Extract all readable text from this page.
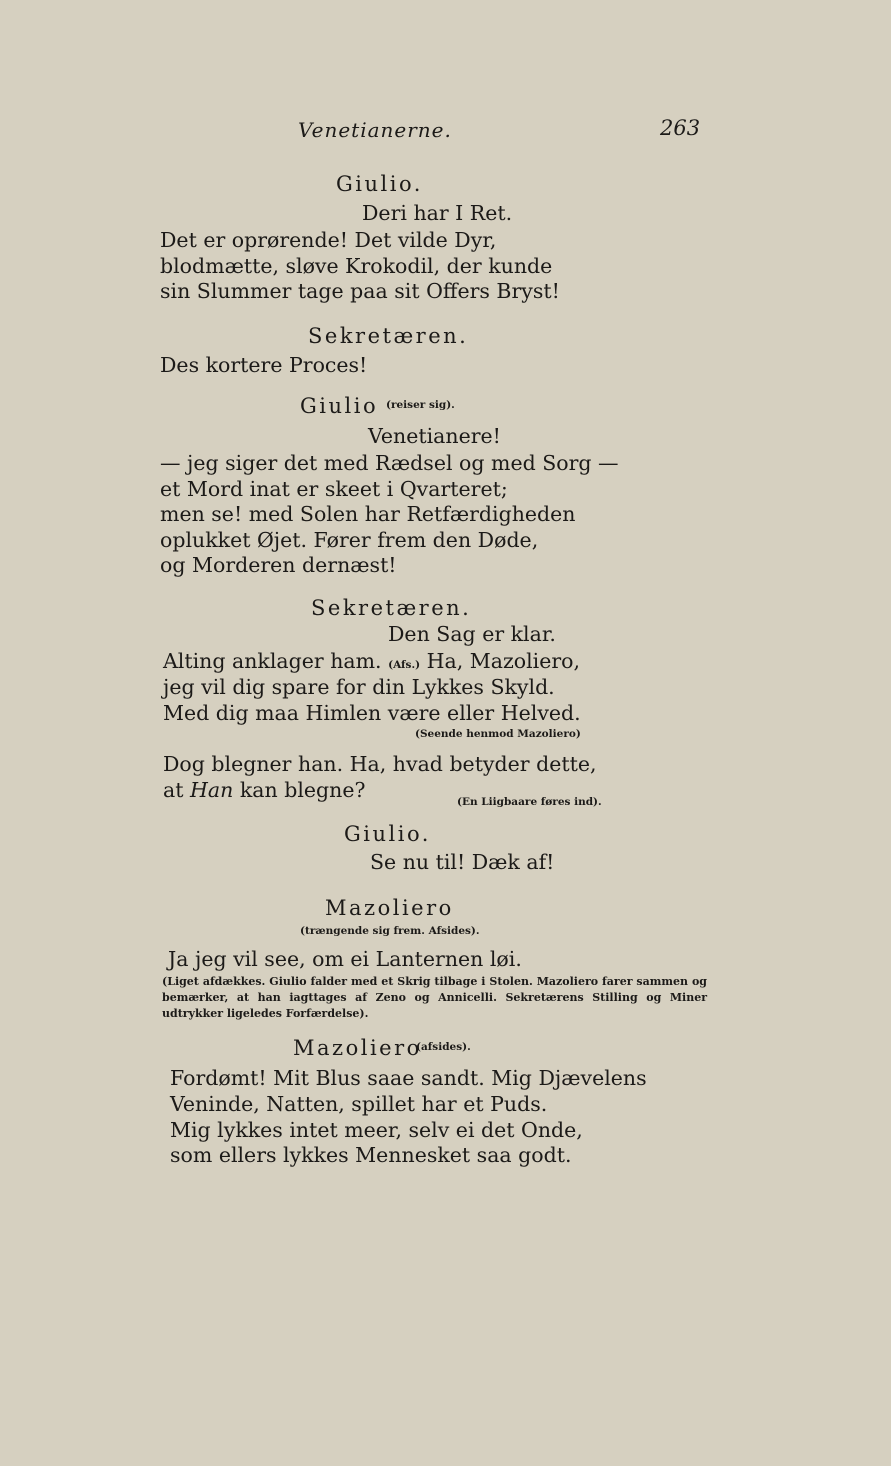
Venetianerne.	263
Giulio.
Deri har I Ret.
Det er oprørende! Det vilde Dyr,
blodmætte, sløve Krokodil, der kunde
sin Slummer tage paa sit Offers Bryst!
Sekretæren.
Des kortere Proces!
Giulio (reiser sig).
Venetianere!
— jeg siger det med Rædsel og med Sorg —
et Mord inat er skeet i Qvarteret;
men se! med Solen har Retfærdigheden
oplukket Øjet. Fører frem den Døde,
og Morderen dernæst!
Sekretæren.
Den Sag er klar.
Alting anklager ham. (Afs.) Ha, Mazoliero,
jeg vil dig spare for din Lykkes Skyld.
Med dig maa Himlen være eller Helved.
(Seende henmod Mazoliero)
Dog blegner han. Ha, hvad betyder dette,
at Han kan blegne?	(En Liigbaare føres ind).
Giulio.
Se nu til! Dæk af!
Mazoliero
(trængende sig frem. Afsides).
Ja jeg vil see, om ei Lanternen løi.
(Liget afdækkes. Giulio falder med et Skrig tilbage i Stolen. Mazoliero farer sammen og bemærker, at han iagttages af Zeno og Annicelli. Sekretærens Stilling og Miner udtrykker ligeledes Forfærdelse).
Mazoliero
(afsides).
Fordømt! Mit Blus saae sandt. Mig Djævelens
Veninde, Natten, spillet har et Puds.
Mig lykkes intet meer, selv ei det Onde,
som ellers lykkes Mennesket saa godt.
